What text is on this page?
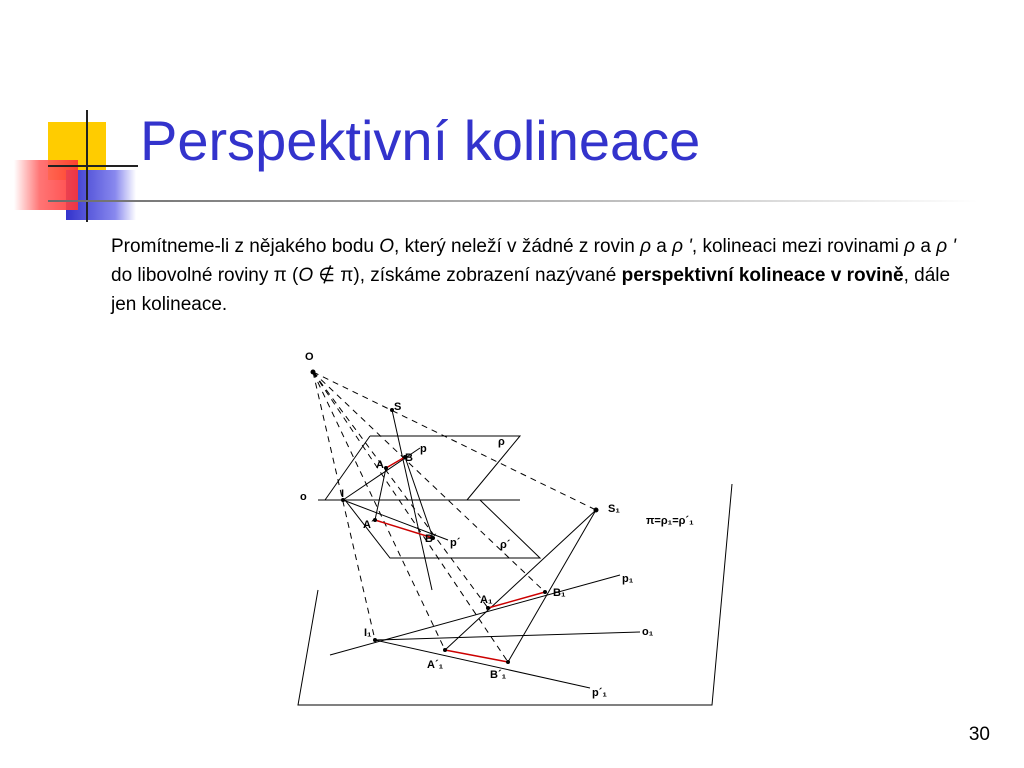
Perspektivní kolineace
Promítneme-li z nějakého bodu O, který neleží v žádné z rovin ρ a ρ ', kolineaci mezi rovinami ρ a ρ ' do libovolné roviny π (O ∉ π), získáme zobrazení nazývané perspektivní kolineace v rovině, dále jen kolineace.
O
S
p
ρ
A
B
o	I
A´
B´ p´	ρ´
S₁
π=ρ₁=ρ´₁
p₁
A₁
B₁
o₁
I₁
A´₁
B´₁
p´₁
30
